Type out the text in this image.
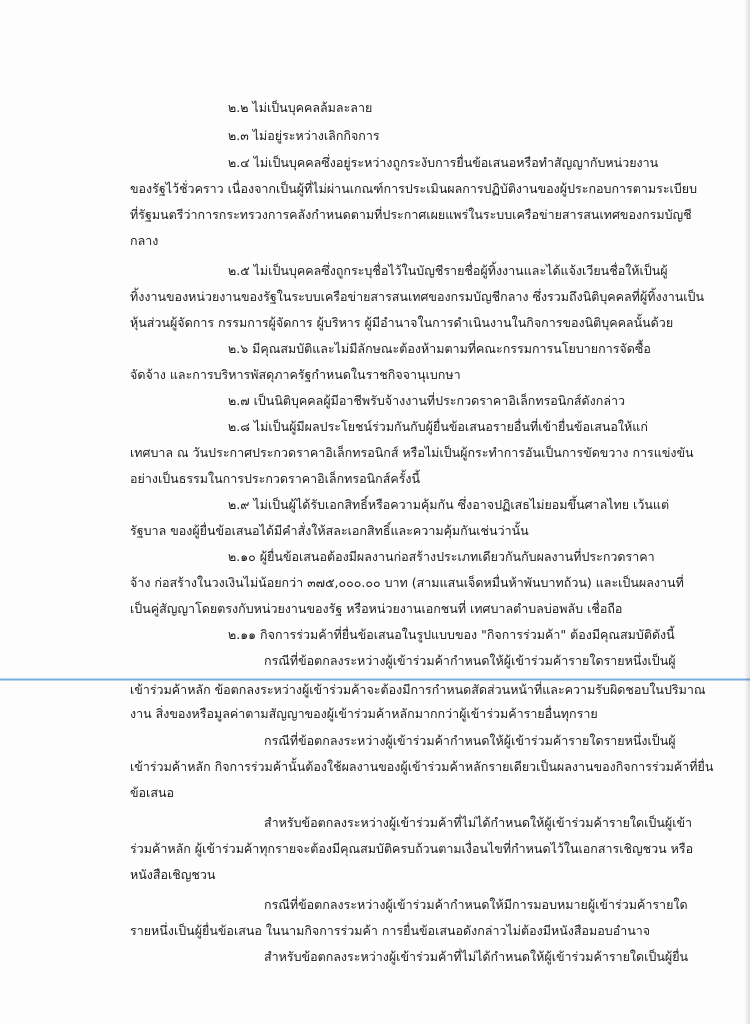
๒.๒ ไม่เป็นบุคคลล้มละลาย
๒.๓ ไม่อยู่ระหว่างเลิกกิจการ
๒.๔ ไม่เป็นบุคคลซึ่งอยู่ระหว่างถูกระงับการยื่นข้อเสนอหรือทำสัญญากับหน่วยงาน
ของรัฐไว้ชั่วคราว เนื่องจากเป็นผู้ที่ไม่ผ่านเกณฑ์การประเมินผลการปฏิบัติงานของผู้ประกอบการตามระเบียบ
ที่รัฐมนตรีว่าการกระทรวงการคลังกำหนดตามที่ประกาศเผยแพร่ในระบบเครือข่ายสารสนเทศของกรมบัญชี
กลาง
๒.๕ ไม่เป็นบุคคลซึ่งถูกระบุชื่อไว้ในบัญชีรายชื่อผู้ทิ้งงานและได้แจ้งเวียนชื่อให้เป็นผู้
ทิ้งงานของหน่วยงานของรัฐในระบบเครือข่ายสารสนเทศของกรมบัญชีกลาง ซึ่งรวมถึงนิติบุคคลที่ผู้ทิ้งงานเป็น
หุ้นส่วนผู้จัดการ กรรมการผู้จัดการ ผู้บริหาร ผู้มีอำนาจในการดำเนินงานในกิจการของนิติบุคคลนั้นด้วย
๒.๖ มีคุณสมบัติและไม่มีลักษณะต้องห้ามตามที่คณะกรรมการนโยบายการจัดซื้อ
จัดจ้าง และการบริหารพัสดุภาครัฐกำหนดในราชกิจจานุเบกษา
๒.๗ เป็นนิติบุคคลผู้มีอาชีพรับจ้างงานที่ประกวดราคาอิเล็กทรอนิกส์ดังกล่าว
๒.๘ ไม่เป็นผู้มีผลประโยชน์ร่วมกันกับผู้ยื่นข้อเสนอรายอื่นที่เข้ายื่นข้อเสนอให้แก่
เทศบาล ณ วันประกาศประกวดราคาอิเล็กทรอนิกส์ หรือไม่เป็นผู้กระทำการอันเป็นการขัดขวาง การแข่งขัน
อย่างเป็นธรรมในการประกวดราคาอิเล็กทรอนิกส์ครั้งนี้
๒.๙ ไม่เป็นผู้ได้รับเอกสิทธิ์หรือความคุ้มกัน ซึ่งอาจปฏิเสธไม่ยอมขึ้นศาลไทย เว้นแต่
รัฐบาล ของผู้ยื่นข้อเสนอได้มีคำสั่งให้สละเอกสิทธิ์และความคุ้มกันเช่นว่านั้น
๒.๑๐ ผู้ยื่นข้อเสนอต้องมีผลงานก่อสร้างประเภทเดียวกันกับผลงานที่ประกวดราคา
จ้าง ก่อสร้างในวงเงินไม่น้อยกว่า ๓๗๕,๐๐๐.๐๐ บาท (สามแสนเจ็ดหมื่นห้าพันบาทถ้วน) และเป็นผลงานที่
เป็นคู่สัญญาโดยตรงกับหน่วยงานของรัฐ หรือหน่วยงานเอกชนที่ เทศบาลตำบลบ่อพลับ เชื่อถือ
๒.๑๑ กิจการร่วมค้าที่ยื่นข้อเสนอในรูปแบบของ "กิจการร่วมค้า" ต้องมีคุณสมบัติดังนี้
กรณีที่ข้อตกลงระหว่างผู้เข้าร่วมค้ากำหนดให้ผู้เข้าร่วมค้ารายใดรายหนึ่งเป็นผู้
เข้าร่วมค้าหลัก ข้อตกลงระหว่างผู้เข้าร่วมค้าจะต้องมีการกำหนดสัดส่วนหน้าที่และความรับผิดชอบในปริมาณ
งาน สิ่งของหรือมูลค่าตามสัญญาของผู้เข้าร่วมค้าหลักมากกว่าผู้เข้าร่วมค้ารายอื่นทุกราย
กรณีที่ข้อตกลงระหว่างผู้เข้าร่วมค้ากำหนดให้ผู้เข้าร่วมค้ารายใดรายหนึ่งเป็นผู้
เข้าร่วมค้าหลัก กิจการร่วมค้านั้นต้องใช้ผลงานของผู้เข้าร่วมค้าหลักรายเดียวเป็นผลงานของกิจการร่วมค้าที่ยื่น
ข้อเสนอ
สำหรับข้อตกลงระหว่างผู้เข้าร่วมค้าที่ไม่ได้กำหนดให้ผู้เข้าร่วมค้ารายใดเป็นผู้เข้า
ร่วมค้าหลัก ผู้เข้าร่วมค้าทุกรายจะต้องมีคุณสมบัติครบถ้วนตามเงื่อนไขที่กำหนดไว้ในเอกสารเชิญชวน หรือ
หนังสือเชิญชวน
กรณีที่ข้อตกลงระหว่างผู้เข้าร่วมค้ากำหนดให้มีการมอบหมายผู้เข้าร่วมค้ารายใด
รายหนึ่งเป็นผู้ยื่นข้อเสนอ ในนามกิจการร่วมค้า การยื่นข้อเสนอดังกล่าวไม่ต้องมีหนังสือมอบอำนาจ
สำหรับข้อตกลงระหว่างผู้เข้าร่วมค้าที่ไม่ได้กำหนดให้ผู้เข้าร่วมค้ารายใดเป็นผู้ยื่น
